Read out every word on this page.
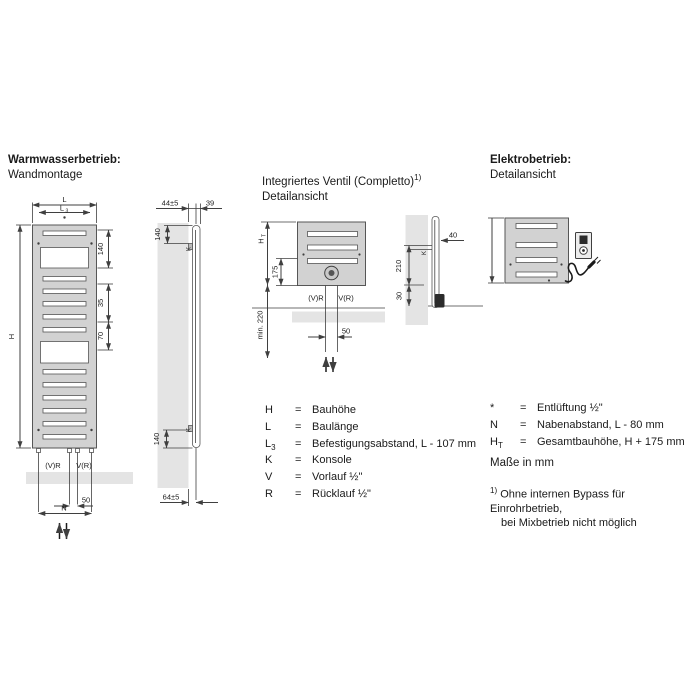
Warmwasserbetrieb:
Wandmontage
Integriertes Ventil (Completto)$^{1)}$
Detailansicht
Elektrobetrieb:
Detailansicht
L
L 3
H
140
35
70
(V)R V(R)
50
N
K
K
44±5	39
140
140
64±5
H
T
175
min. 220
(V)R V(R)
50
K
40
210
30
H = Bauhöhe
L = Baulänge
$L_3$ = Befestigungsabstand, L - 107 mm
K = Konsole
V = Vorlauf ½"
R = Rücklauf ½"
* = Entlüftung ½"
N = Nabenabstand, L - 80 mm
$H_T$ = Gesamtbauhöhe, H + 175 mm
Maße in mm
$^{1)}$ Ohne internen Bypass für Einrohrbetrieb,
bei Mixbetrieb nicht möglich
